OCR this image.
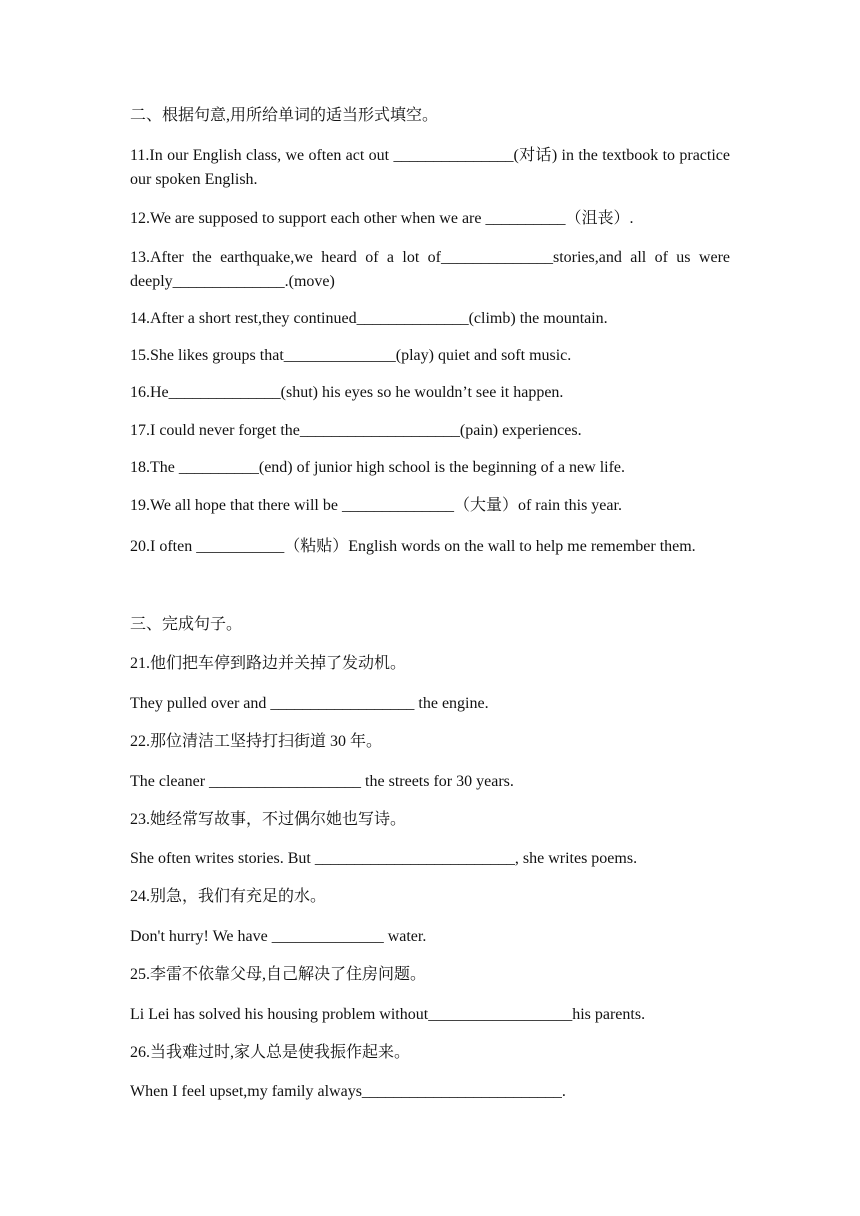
二、根据句意,用所给单词的适当形式填空。
11.In our English class, we often act out _______________(对话) in the textbook to practice our spoken English.
12.We are supposed to support each other when we are __________（沮丧）.
13.After the earthquake,we heard of a lot of______________stories,and all of us were deeply______________.(move)
14.After a short rest,they continued______________(climb) the mountain.
15.She likes groups that______________(play) quiet and soft music.
16.He______________(shut) his eyes so he wouldn’t see it happen.
17.I could never forget the____________________(pain) experiences.
18.The __________(end) of junior high school is the beginning of a new life.
19.We all hope that there will be ______________（大量）of rain this year.
20.I often ___________（粘贴）English words on the wall to help me remember them.
三、完成句子。
21.他们把车停到路边并关掉了发动机。
They pulled over and __________________ the engine.
22.那位清洁工坚持打扫街道 30 年。
The cleaner ___________________ the streets for 30 years.
23.她经常写故事，不过偶尔她也写诗。
She often writes stories. But _________________________, she writes poems.
24.别急，我们有充足的水。
Don't hurry! We have ______________ water.
25.李雷不依靠父母,自己解决了住房问题。
Li Lei has solved his housing problem without__________________his parents.
26.当我难过时,家人总是使我振作起来。
When I feel upset,my family always_________________________.
